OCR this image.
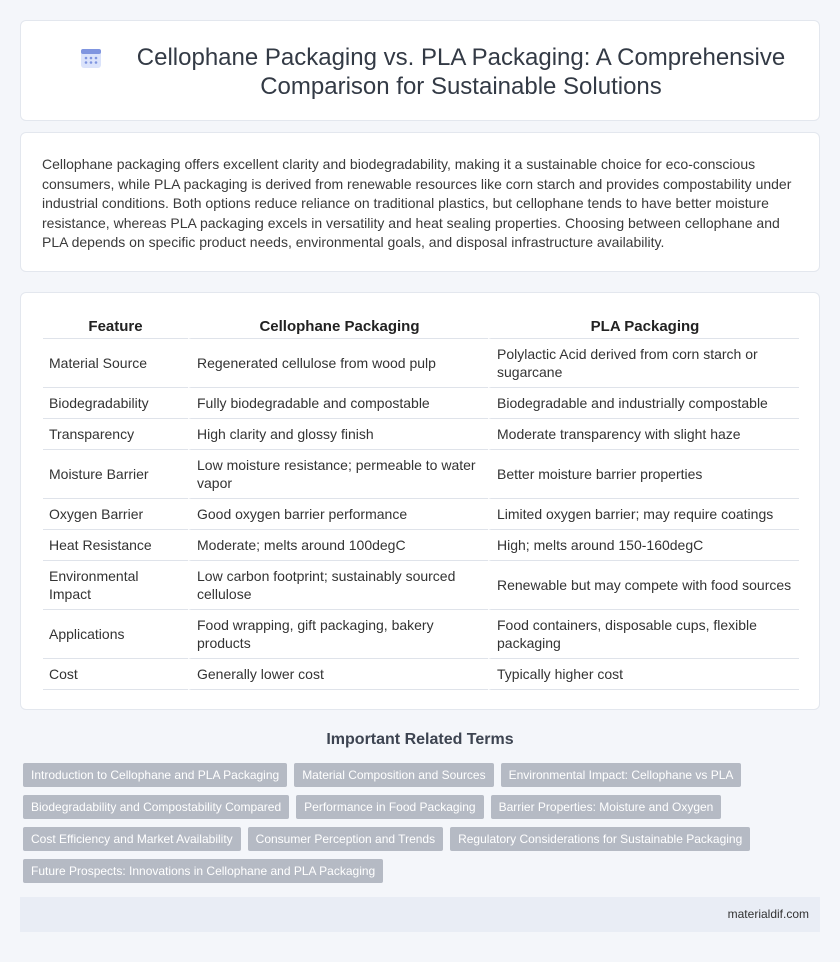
Cellophane Packaging vs. PLA Packaging: A Comprehensive Comparison for Sustainable Solutions

Cellophane packaging offers excellent clarity and biodegradability, making it a sustainable choice for eco-conscious consumers, while PLA packaging is derived from renewable resources like corn starch and provides compostability under industrial conditions. Both options reduce reliance on traditional plastics, but cellophane tends to have better moisture resistance, whereas PLA packaging excels in versatility and heat sealing properties. Choosing between cellophane and PLA depends on specific product needs, environmental goals, and disposal infrastructure availability.

Feature	Cellophane Packaging	PLA Packaging
Material Source	Regenerated cellulose from wood pulp	Polylactic Acid derived from corn starch or sugarcane
Biodegradability	Fully biodegradable and compostable	Biodegradable and industrially compostable
Transparency	High clarity and glossy finish	Moderate transparency with slight haze
Moisture Barrier	Low moisture resistance; permeable to water vapor	Better moisture barrier properties
Oxygen Barrier	Good oxygen barrier performance	Limited oxygen barrier; may require coatings
Heat Resistance	Moderate; melts around 100degC	High; melts around 150-160degC
Environmental Impact	Low carbon footprint; sustainably sourced cellulose	Renewable but may compete with food sources
Applications	Food wrapping, gift packaging, bakery products	Food containers, disposable cups, flexible packaging
Cost	Generally lower cost	Typically higher cost
Important Related Terms
Introduction to Cellophane and PLA Packaging	Material Composition and Sources	Environmental Impact: Cellophane vs PLA
Biodegradability and Compostability Compared	Performance in Food Packaging	Barrier Properties: Moisture and Oxygen
Cost Efficiency and Market Availability	Consumer Perception and Trends	Regulatory Considerations for Sustainable Packaging
Future Prospects: Innovations in Cellophane and PLA Packaging
materialdif.com
